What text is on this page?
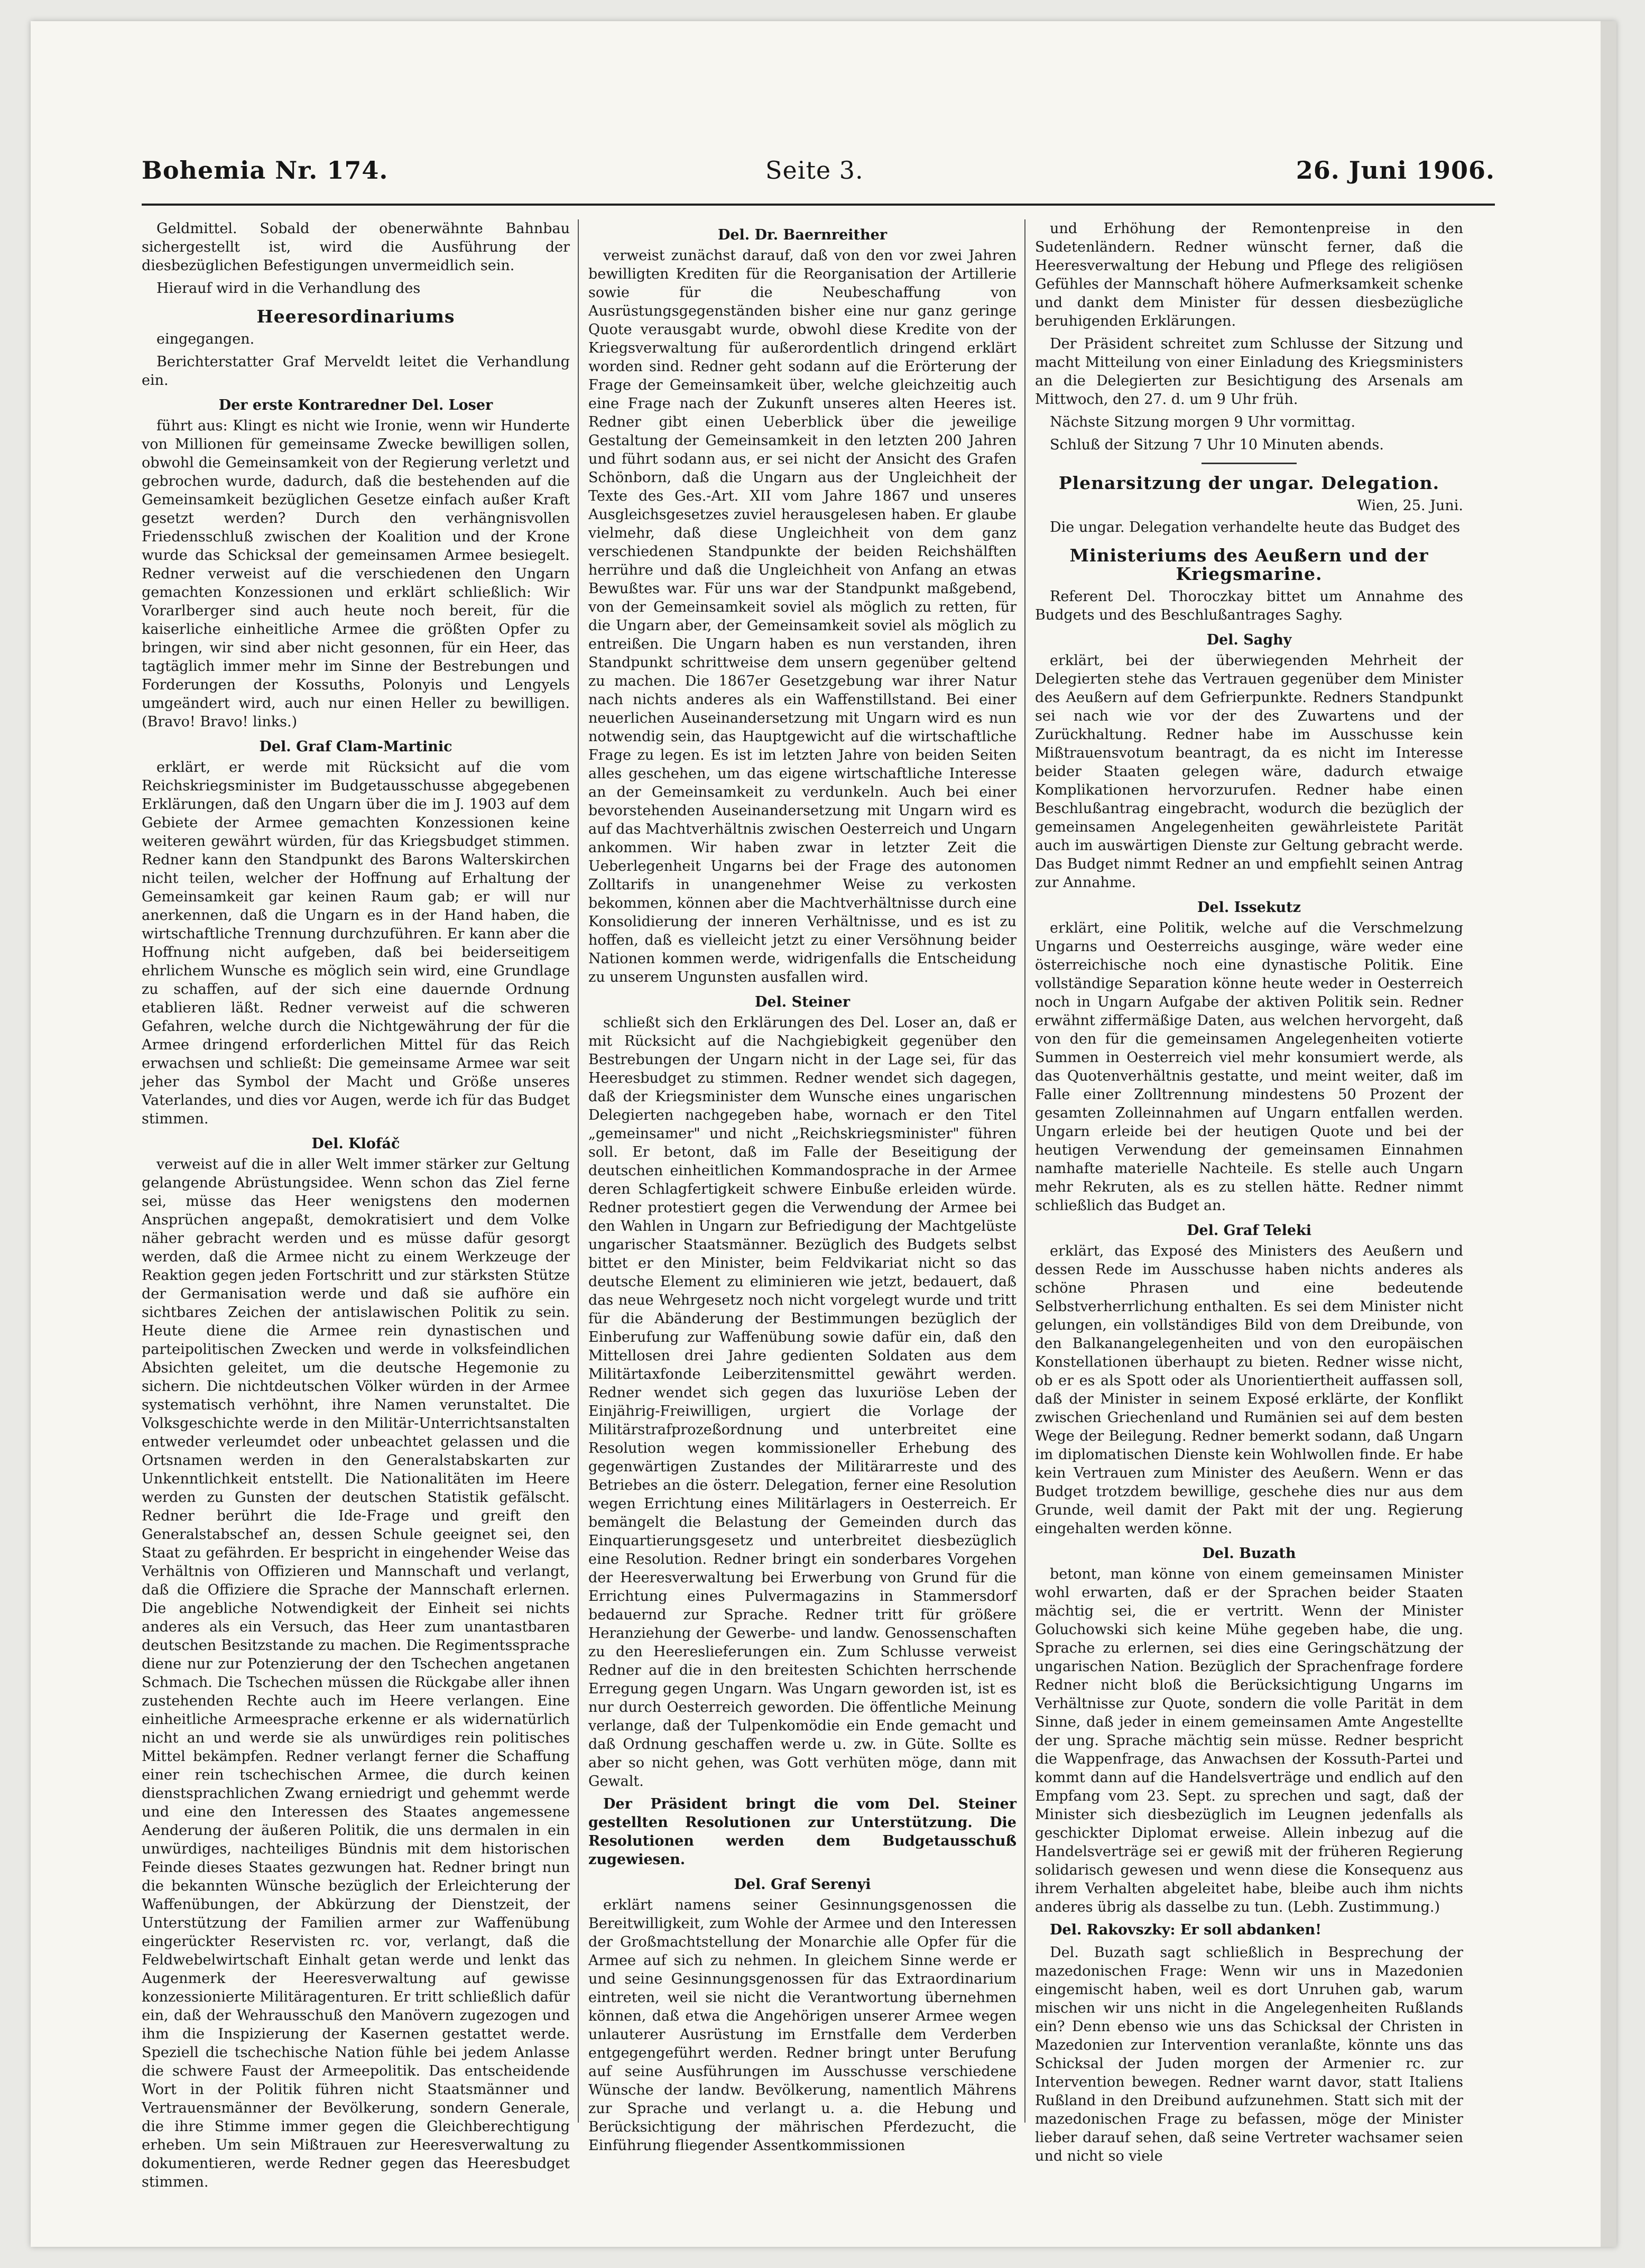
Bohemia Nr. 174.	Seite 3.	26. Juni 1906.

Geldmittel. Sobald der obenerwähnte Bahnbau sichergestellt ist, wird die Ausführung der diesbezüglichen Befestigungen unvermeidlich sein.

Hierauf wird in die Verhandlung des

Heeresordinariums

eingegangen.

Berichterstatter Graf Merveldt leitet die Verhandlung ein.

Der erste Kontraredner Del. Loser

führt aus: Klingt es nicht wie Ironie, wenn wir Hunderte von Millionen für gemeinsame Zwecke bewilligen sollen, obwohl die Gemeinsamkeit von der Regierung verletzt und gebrochen wurde, dadurch, daß die bestehenden auf die Gemeinsamkeit bezüglichen Gesetze einfach außer Kraft gesetzt werden? Durch den verhängnisvollen Friedensschluß zwischen der Koalition und der Krone wurde das Schicksal der gemeinsamen Armee besiegelt. Redner verweist auf die verschiedenen den Ungarn gemachten Konzessionen und erklärt schließlich: Wir Vorarlberger sind auch heute noch bereit, für die kaiserliche einheitliche Armee die größten Opfer zu bringen, wir sind aber nicht gesonnen, für ein Heer, das tagtäglich immer mehr im Sinne der Bestrebungen und Forderungen der Kossuths, Polonyis und Lengyels umgeändert wird, auch nur einen Heller zu bewilligen. (Bravo! Bravo! links.)

Del. Graf Clam-Martinic

erklärt, er werde mit Rücksicht auf die vom Reichskriegsminister im Budgetausschusse abgegebenen Erklärungen, daß den Ungarn über die im J. 1903 auf dem Gebiete der Armee gemachten Konzessionen keine weiteren gewährt würden, für das Kriegsbudget stimmen. Redner kann den Standpunkt des Barons Walterskirchen nicht teilen, welcher der Hoffnung auf Erhaltung der Gemeinsamkeit gar keinen Raum gab; er will nur anerkennen, daß die Ungarn es in der Hand haben, die wirtschaftliche Trennung durchzuführen. Er kann aber die Hoffnung nicht aufgeben, daß bei beiderseitigem ehrlichem Wunsche es möglich sein wird, eine Grundlage zu schaffen, auf der sich eine dauernde Ordnung etablieren läßt. Redner verweist auf die schweren Gefahren, welche durch die Nichtgewährung der für die Armee dringend erforderlichen Mittel für das Reich erwachsen und schließt: Die gemeinsame Armee war seit jeher das Symbol der Macht und Größe unseres Vaterlandes, und dies vor Augen, werde ich für das Budget stimmen.

Del. Klofáč

verweist auf die in aller Welt immer stärker zur Geltung gelangende Abrüstungsidee. Wenn schon das Ziel ferne sei, müsse das Heer wenigstens den modernen Ansprüchen angepaßt, demokratisiert und dem Volke näher gebracht werden und es müsse dafür gesorgt werden, daß die Armee nicht zu einem Werkzeuge der Reaktion gegen jeden Fortschritt und zur stärksten Stütze der Germanisation werde und daß sie aufhöre ein sichtbares Zeichen der antislawischen Politik zu sein. Heute diene die Armee rein dynastischen und parteipolitischen Zwecken und werde in volksfeindlichen Absichten geleitet, um die deutsche Hegemonie zu sichern. Die nichtdeutschen Völker würden in der Armee systematisch verhöhnt, ihre Namen verunstaltet. Die Volksgeschichte werde in den Militär-Unterrichtsanstalten entweder verleumdet oder unbeachtet gelassen und die Ortsnamen werden in den Generalstabskarten zur Unkenntlichkeit entstellt. Die Nationalitäten im Heere werden zu Gunsten der deutschen Statistik gefälscht. Redner berührt die Ide-Frage und greift den Generalstabschef an, dessen Schule geeignet sei, den Staat zu gefährden. Er bespricht in eingehender Weise das Verhältnis von Offizieren und Mannschaft und verlangt, daß die Offiziere die Sprache der Mannschaft erlernen. Die angebliche Notwendigkeit der Einheit sei nichts anderes als ein Versuch, das Heer zum unantastbaren deutschen Besitzstande zu machen. Die Regimentssprache diene nur zur Potenzierung der den Tschechen angetanen Schmach. Die Tschechen müssen die Rückgabe aller ihnen zustehenden Rechte auch im Heere verlangen. Eine einheitliche Armeesprache erkenne er als widernatürlich nicht an und werde sie als unwürdiges rein politisches Mittel bekämpfen. Redner verlangt ferner die Schaffung einer rein tschechischen Armee, die durch keinen dienstsprachlichen Zwang erniedrigt und gehemmt werde und eine den Interessen des Staates angemessene Aenderung der äußeren Politik, die uns dermalen in ein unwürdiges, nachteiliges Bündnis mit dem historischen Feinde dieses Staates gezwungen hat. Redner bringt nun die bekannten Wünsche bezüglich der Erleichterung der Waffenübungen, der Abkürzung der Dienstzeit, der Unterstützung der Familien armer zur Waffenübung eingerückter Reservisten rc. vor, verlangt, daß die Feldwebelwirtschaft Einhalt getan werde und lenkt das Augenmerk der Heeresverwaltung auf gewisse konzessionierte Militäragenturen. Er tritt schließlich dafür ein, daß der Wehrausschuß den Manövern zugezogen und ihm die Inspizierung der Kasernen gestattet werde. Speziell die tschechische Nation fühle bei jedem Anlasse die schwere Faust der Armeepolitik. Das entscheidende Wort in der Politik führen nicht Staatsmänner und Vertrauensmänner der Bevölkerung, sondern Generale, die ihre Stimme immer gegen die Gleichberechtigung erheben. Um sein Mißtrauen zur Heeresverwaltung zu dokumentieren, werde Redner gegen das Heeresbudget stimmen.

Del. Dr. Baernreither

verweist zunächst darauf, daß von den vor zwei Jahren bewilligten Krediten für die Reorganisation der Artillerie sowie für die Neubeschaffung von Ausrüstungsgegenständen bisher eine nur ganz geringe Quote verausgabt wurde, obwohl diese Kredite von der Kriegsverwaltung für außerordentlich dringend erklärt worden sind. Redner geht sodann auf die Erörterung der Frage der Gemeinsamkeit über, welche gleichzeitig auch eine Frage nach der Zukunft unseres alten Heeres ist. Redner gibt einen Ueberblick über die jeweilige Gestaltung der Gemeinsamkeit in den letzten 200 Jahren und führt sodann aus, er sei nicht der Ansicht des Grafen Schönborn, daß die Ungarn aus der Ungleichheit der Texte des Ges.-Art. XII vom Jahre 1867 und unseres Ausgleichsgesetzes zuviel herausgelesen haben. Er glaube vielmehr, daß diese Ungleichheit von dem ganz verschiedenen Standpunkte der beiden Reichshälften herrühre und daß die Ungleichheit von Anfang an etwas Bewußtes war. Für uns war der Standpunkt maßgebend, von der Gemeinsamkeit soviel als möglich zu retten, für die Ungarn aber, der Gemeinsamkeit soviel als möglich zu entreißen. Die Ungarn haben es nun verstanden, ihren Standpunkt schrittweise dem unsern gegenüber geltend zu machen. Die 1867er Gesetzgebung war ihrer Natur nach nichts anderes als ein Waffenstillstand. Bei einer neuerlichen Auseinandersetzung mit Ungarn wird es nun notwendig sein, das Hauptgewicht auf die wirtschaftliche Frage zu legen. Es ist im letzten Jahre von beiden Seiten alles geschehen, um das eigene wirtschaftliche Interesse an der Gemeinsamkeit zu verdunkeln. Auch bei einer bevorstehenden Auseinandersetzung mit Ungarn wird es auf das Machtverhältnis zwischen Oesterreich und Ungarn ankommen. Wir haben zwar in letzter Zeit die Ueberlegenheit Ungarns bei der Frage des autonomen Zolltarifs in unangenehmer Weise zu verkosten bekommen, können aber die Machtverhältnisse durch eine Konsolidierung der inneren Verhältnisse, und es ist zu hoffen, daß es vielleicht jetzt zu einer Versöhnung beider Nationen kommen werde, widrigenfalls die Entscheidung zu unserem Ungunsten ausfallen wird.

Del. Steiner

schließt sich den Erklärungen des Del. Loser an, daß er mit Rücksicht auf die Nachgiebigkeit gegenüber den Bestrebungen der Ungarn nicht in der Lage sei, für das Heeresbudget zu stimmen. Redner wendet sich dagegen, daß der Kriegsminister dem Wunsche eines ungarischen Delegierten nachgegeben habe, wornach er den Titel „gemeinsamer" und nicht „Reichskriegsminister" führen soll. Er betont, daß im Falle der Beseitigung der deutschen einheitlichen Kommandosprache in der Armee deren Schlagfertigkeit schwere Einbuße erleiden würde. Redner protestiert gegen die Verwendung der Armee bei den Wahlen in Ungarn zur Befriedigung der Machtgelüste ungarischer Staatsmänner. Bezüglich des Budgets selbst bittet er den Minister, beim Feldvikariat nicht so das deutsche Element zu eliminieren wie jetzt, bedauert, daß das neue Wehrgesetz noch nicht vorgelegt wurde und tritt für die Abänderung der Bestimmungen bezüglich der Einberufung zur Waffenübung sowie dafür ein, daß den Mittellosen drei Jahre gedienten Soldaten aus dem Militärtaxfonde Leiberzitensmittel gewährt werden. Redner wendet sich gegen das luxuriöse Leben der Einjährig-Freiwilligen, urgiert die Vorlage der Militärstrafprozeßordnung und unterbreitet eine Resolution wegen kommissioneller Erhebung des gegenwärtigen Zustandes der Militärarreste und des Betriebes an die österr. Delegation, ferner eine Resolution wegen Errichtung eines Militärlagers in Oesterreich. Er bemängelt die Belastung der Gemeinden durch das Einquartierungsgesetz und unterbreitet diesbezüglich eine Resolution. Redner bringt ein sonderbares Vorgehen der Heeresverwaltung bei Erwerbung von Grund für die Errichtung eines Pulvermagazins in Stammersdorf bedauernd zur Sprache. Redner tritt für größere Heranziehung der Gewerbe- und landw. Genossenschaften zu den Heereslieferungen ein. Zum Schlusse verweist Redner auf die in den breitesten Schichten herrschende Erregung gegen Ungarn. Was Ungarn geworden ist, ist es nur durch Oesterreich geworden. Die öffentliche Meinung verlange, daß der Tulpenkomödie ein Ende gemacht und daß Ordnung geschaffen werde u. zw. in Güte. Sollte es aber so nicht gehen, was Gott verhüten möge, dann mit Gewalt.

Der Präsident bringt die vom Del. Steiner gestellten Resolutionen zur Unterstützung. Die Resolutionen werden dem Budgetausschuß zugewiesen.

Del. Graf Serenyi

erklärt namens seiner Gesinnungsgenossen die Bereitwilligkeit, zum Wohle der Armee und den Interessen der Großmachtstellung der Monarchie alle Opfer für die Armee auf sich zu nehmen. In gleichem Sinne werde er und seine Gesinnungsgenossen für das Extraordinarium eintreten, weil sie nicht die Verantwortung übernehmen können, daß etwa die Angehörigen unserer Armee wegen unlauterer Ausrüstung im Ernstfalle dem Verderben entgegengeführt werden. Redner bringt unter Berufung auf seine Ausführungen im Ausschusse verschiedene Wünsche der landw. Bevölkerung, namentlich Mährens zur Sprache und verlangt u. a. die Hebung und Berücksichtigung der mährischen Pferdezucht, die Einführung fliegender Assentkommissionen

und Erhöhung der Remontenpreise in den Sudetenländern. Redner wünscht ferner, daß die Heeresverwaltung der Hebung und Pflege des religiösen Gefühles der Mannschaft höhere Aufmerksamkeit schenke und dankt dem Minister für dessen diesbezügliche beruhigenden Erklärungen.

Der Präsident schreitet zum Schlusse der Sitzung und macht Mitteilung von einer Einladung des Kriegsministers an die Delegierten zur Besichtigung des Arsenals am Mittwoch, den 27. d. um 9 Uhr früh.

Nächste Sitzung morgen 9 Uhr vormittag.

Schluß der Sitzung 7 Uhr 10 Minuten abends.

Plenarsitzung der ungar. Delegation.
Wien, 25. Juni.

Die ungar. Delegation verhandelte heute das Budget des

Ministeriums des Aeußern und der Kriegsmarine.

Referent Del. Thoroczkay bittet um Annahme des Budgets und des Beschlußantrages Saghy.

Del. Saghy

erklärt, bei der überwiegenden Mehrheit der Delegierten stehe das Vertrauen gegenüber dem Minister des Aeußern auf dem Gefrierpunkte. Redners Standpunkt sei nach wie vor der des Zuwartens und der Zurückhaltung. Redner habe im Ausschusse kein Mißtrauensvotum beantragt, da es nicht im Interesse beider Staaten gelegen wäre, dadurch etwaige Komplikationen hervorzurufen. Redner habe einen Beschlußantrag eingebracht, wodurch die bezüglich der gemeinsamen Angelegenheiten gewährleistete Parität auch im auswärtigen Dienste zur Geltung gebracht werde. Das Budget nimmt Redner an und empfiehlt seinen Antrag zur Annahme.

Del. Issekutz

erklärt, eine Politik, welche auf die Verschmelzung Ungarns und Oesterreichs ausginge, wäre weder eine österreichische noch eine dynastische Politik. Eine vollständige Separation könne heute weder in Oesterreich noch in Ungarn Aufgabe der aktiven Politik sein. Redner erwähnt ziffermäßige Daten, aus welchen hervorgeht, daß von den für die gemeinsamen Angelegenheiten votierte Summen in Oesterreich viel mehr konsumiert werde, als das Quotenverhältnis gestatte, und meint weiter, daß im Falle einer Zolltrennung mindestens 50 Prozent der gesamten Zolleinnahmen auf Ungarn entfallen werden. Ungarn erleide bei der heutigen Quote und bei der heutigen Verwendung der gemeinsamen Einnahmen namhafte materielle Nachteile. Es stelle auch Ungarn mehr Rekruten, als es zu stellen hätte. Redner nimmt schließlich das Budget an.

Del. Graf Teleki

erklärt, das Exposé des Ministers des Aeußern und dessen Rede im Ausschusse haben nichts anderes als schöne Phrasen und eine bedeutende Selbstverherrlichung enthalten. Es sei dem Minister nicht gelungen, ein vollständiges Bild von dem Dreibunde, von den Balkanangelegenheiten und von den europäischen Konstellationen überhaupt zu bieten. Redner wisse nicht, ob er es als Spott oder als Unorientiertheit auffassen soll, daß der Minister in seinem Exposé erklärte, der Konflikt zwischen Griechenland und Rumänien sei auf dem besten Wege der Beilegung. Redner bemerkt sodann, daß Ungarn im diplomatischen Dienste kein Wohlwollen finde. Er habe kein Vertrauen zum Minister des Aeußern. Wenn er das Budget trotzdem bewillige, geschehe dies nur aus dem Grunde, weil damit der Pakt mit der ung. Regierung eingehalten werden könne.

Del. Buzath

betont, man könne von einem gemeinsamen Minister wohl erwarten, daß er der Sprachen beider Staaten mächtig sei, die er vertritt. Wenn der Minister Goluchowski sich keine Mühe gegeben habe, die ung. Sprache zu erlernen, sei dies eine Geringschätzung der ungarischen Nation. Bezüglich der Sprachenfrage fordere Redner nicht bloß die Berücksichtigung Ungarns im Verhältnisse zur Quote, sondern die volle Parität in dem Sinne, daß jeder in einem gemeinsamen Amte Angestellte der ung. Sprache mächtig sein müsse. Redner bespricht die Wappenfrage, das Anwachsen der Kossuth-Partei und kommt dann auf die Handelsverträge und endlich auf den Empfang vom 23. Sept. zu sprechen und sagt, daß der Minister sich diesbezüglich im Leugnen jedenfalls als geschickter Diplomat erweise. Allein inbezug auf die Handelsverträge sei er gewiß mit der früheren Regierung solidarisch gewesen und wenn diese die Konsequenz aus ihrem Verhalten abgeleitet habe, bleibe auch ihm nichts anderes übrig als dasselbe zu tun. (Lebh. Zustimmung.)

Del. Rakovszky: Er soll abdanken!

Del. Buzath sagt schließlich in Besprechung der mazedonischen Frage: Wenn wir uns in Mazedonien eingemischt haben, weil es dort Unruhen gab, warum mischen wir uns nicht in die Angelegenheiten Rußlands ein? Denn ebenso wie uns das Schicksal der Christen in Mazedonien zur Intervention veranlaßte, könnte uns das Schicksal der Juden morgen der Armenier rc. zur Intervention bewegen. Redner warnt davor, statt Italiens Rußland in den Dreibund aufzunehmen. Statt sich mit der mazedonischen Frage zu befassen, möge der Minister lieber darauf sehen, daß seine Vertreter wachsamer seien und nicht so viele
